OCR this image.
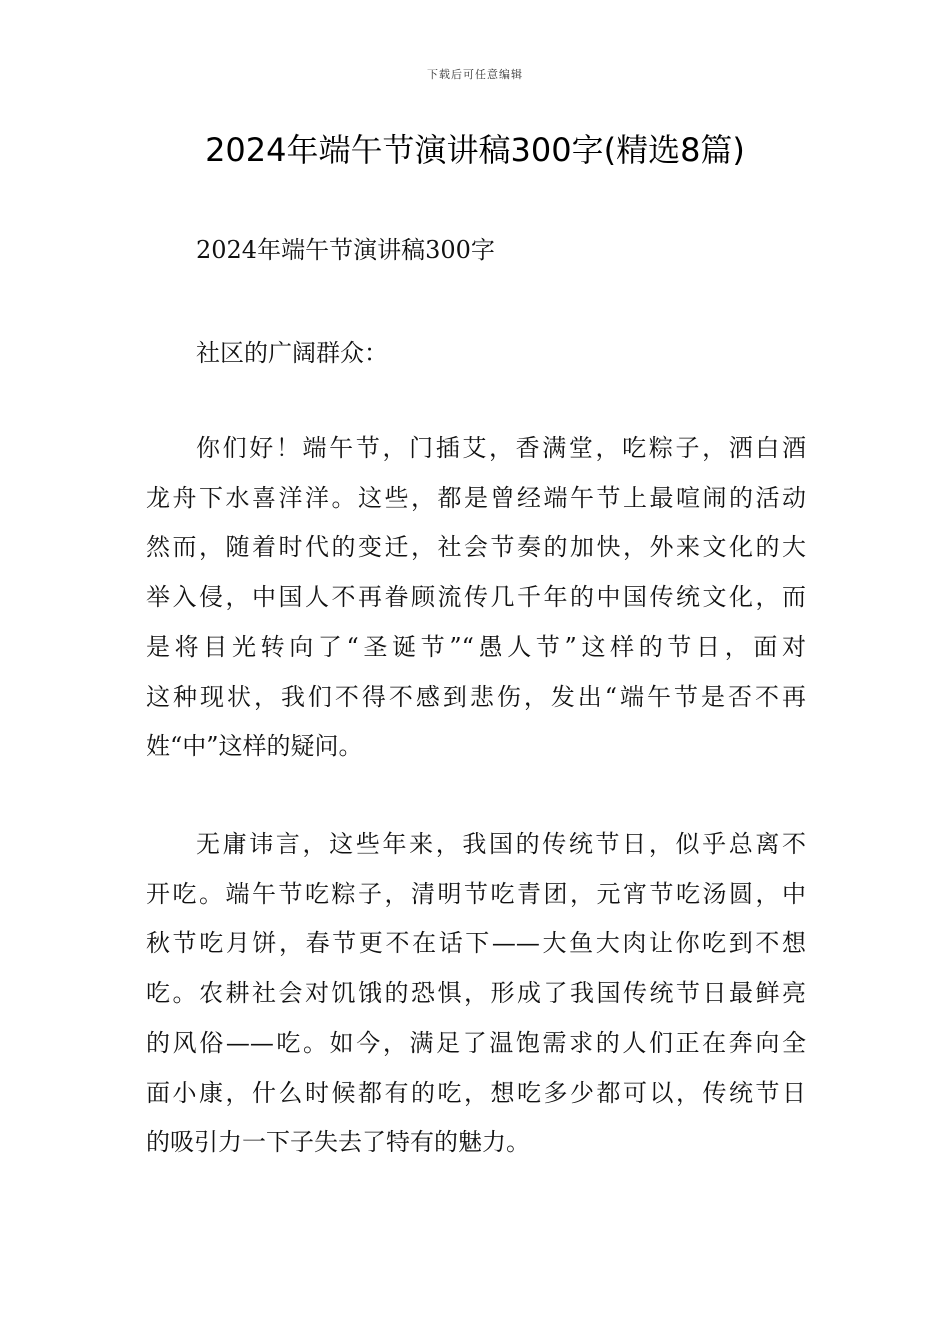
下载后可任意编辑
2024年端午节演讲稿300字(精选8篇)
2024年端午节演讲稿300字
社区的广阔群众：
你们好！端午节，门插艾，香满堂，吃粽子，洒白酒
龙舟下水喜洋洋。这些，都是曾经端午节上最喧闹的活动
然而，随着时代的变迁，社会节奏的加快，外来文化的大
举入侵，中国人不再眷顾流传几千年的中国传统文化，而
是将目光转向了“圣诞节”“愚人节”这样的节日，面对
这种现状，我们不得不感到悲伤，发出“端午节是否不再
姓“中”这样的疑问。
无庸讳言，这些年来，我国的传统节日，似乎总离不
开吃。端午节吃粽子，清明节吃青团，元宵节吃汤圆，中
秋节吃月饼，春节更不在话下——大鱼大肉让你吃到不想
吃。农耕社会对饥饿的恐惧，形成了我国传统节日最鲜亮
的风俗——吃。如今，满足了温饱需求的人们正在奔向全
面小康，什么时候都有的吃，想吃多少都可以，传统节日
的吸引力一下子失去了特有的魅力。
